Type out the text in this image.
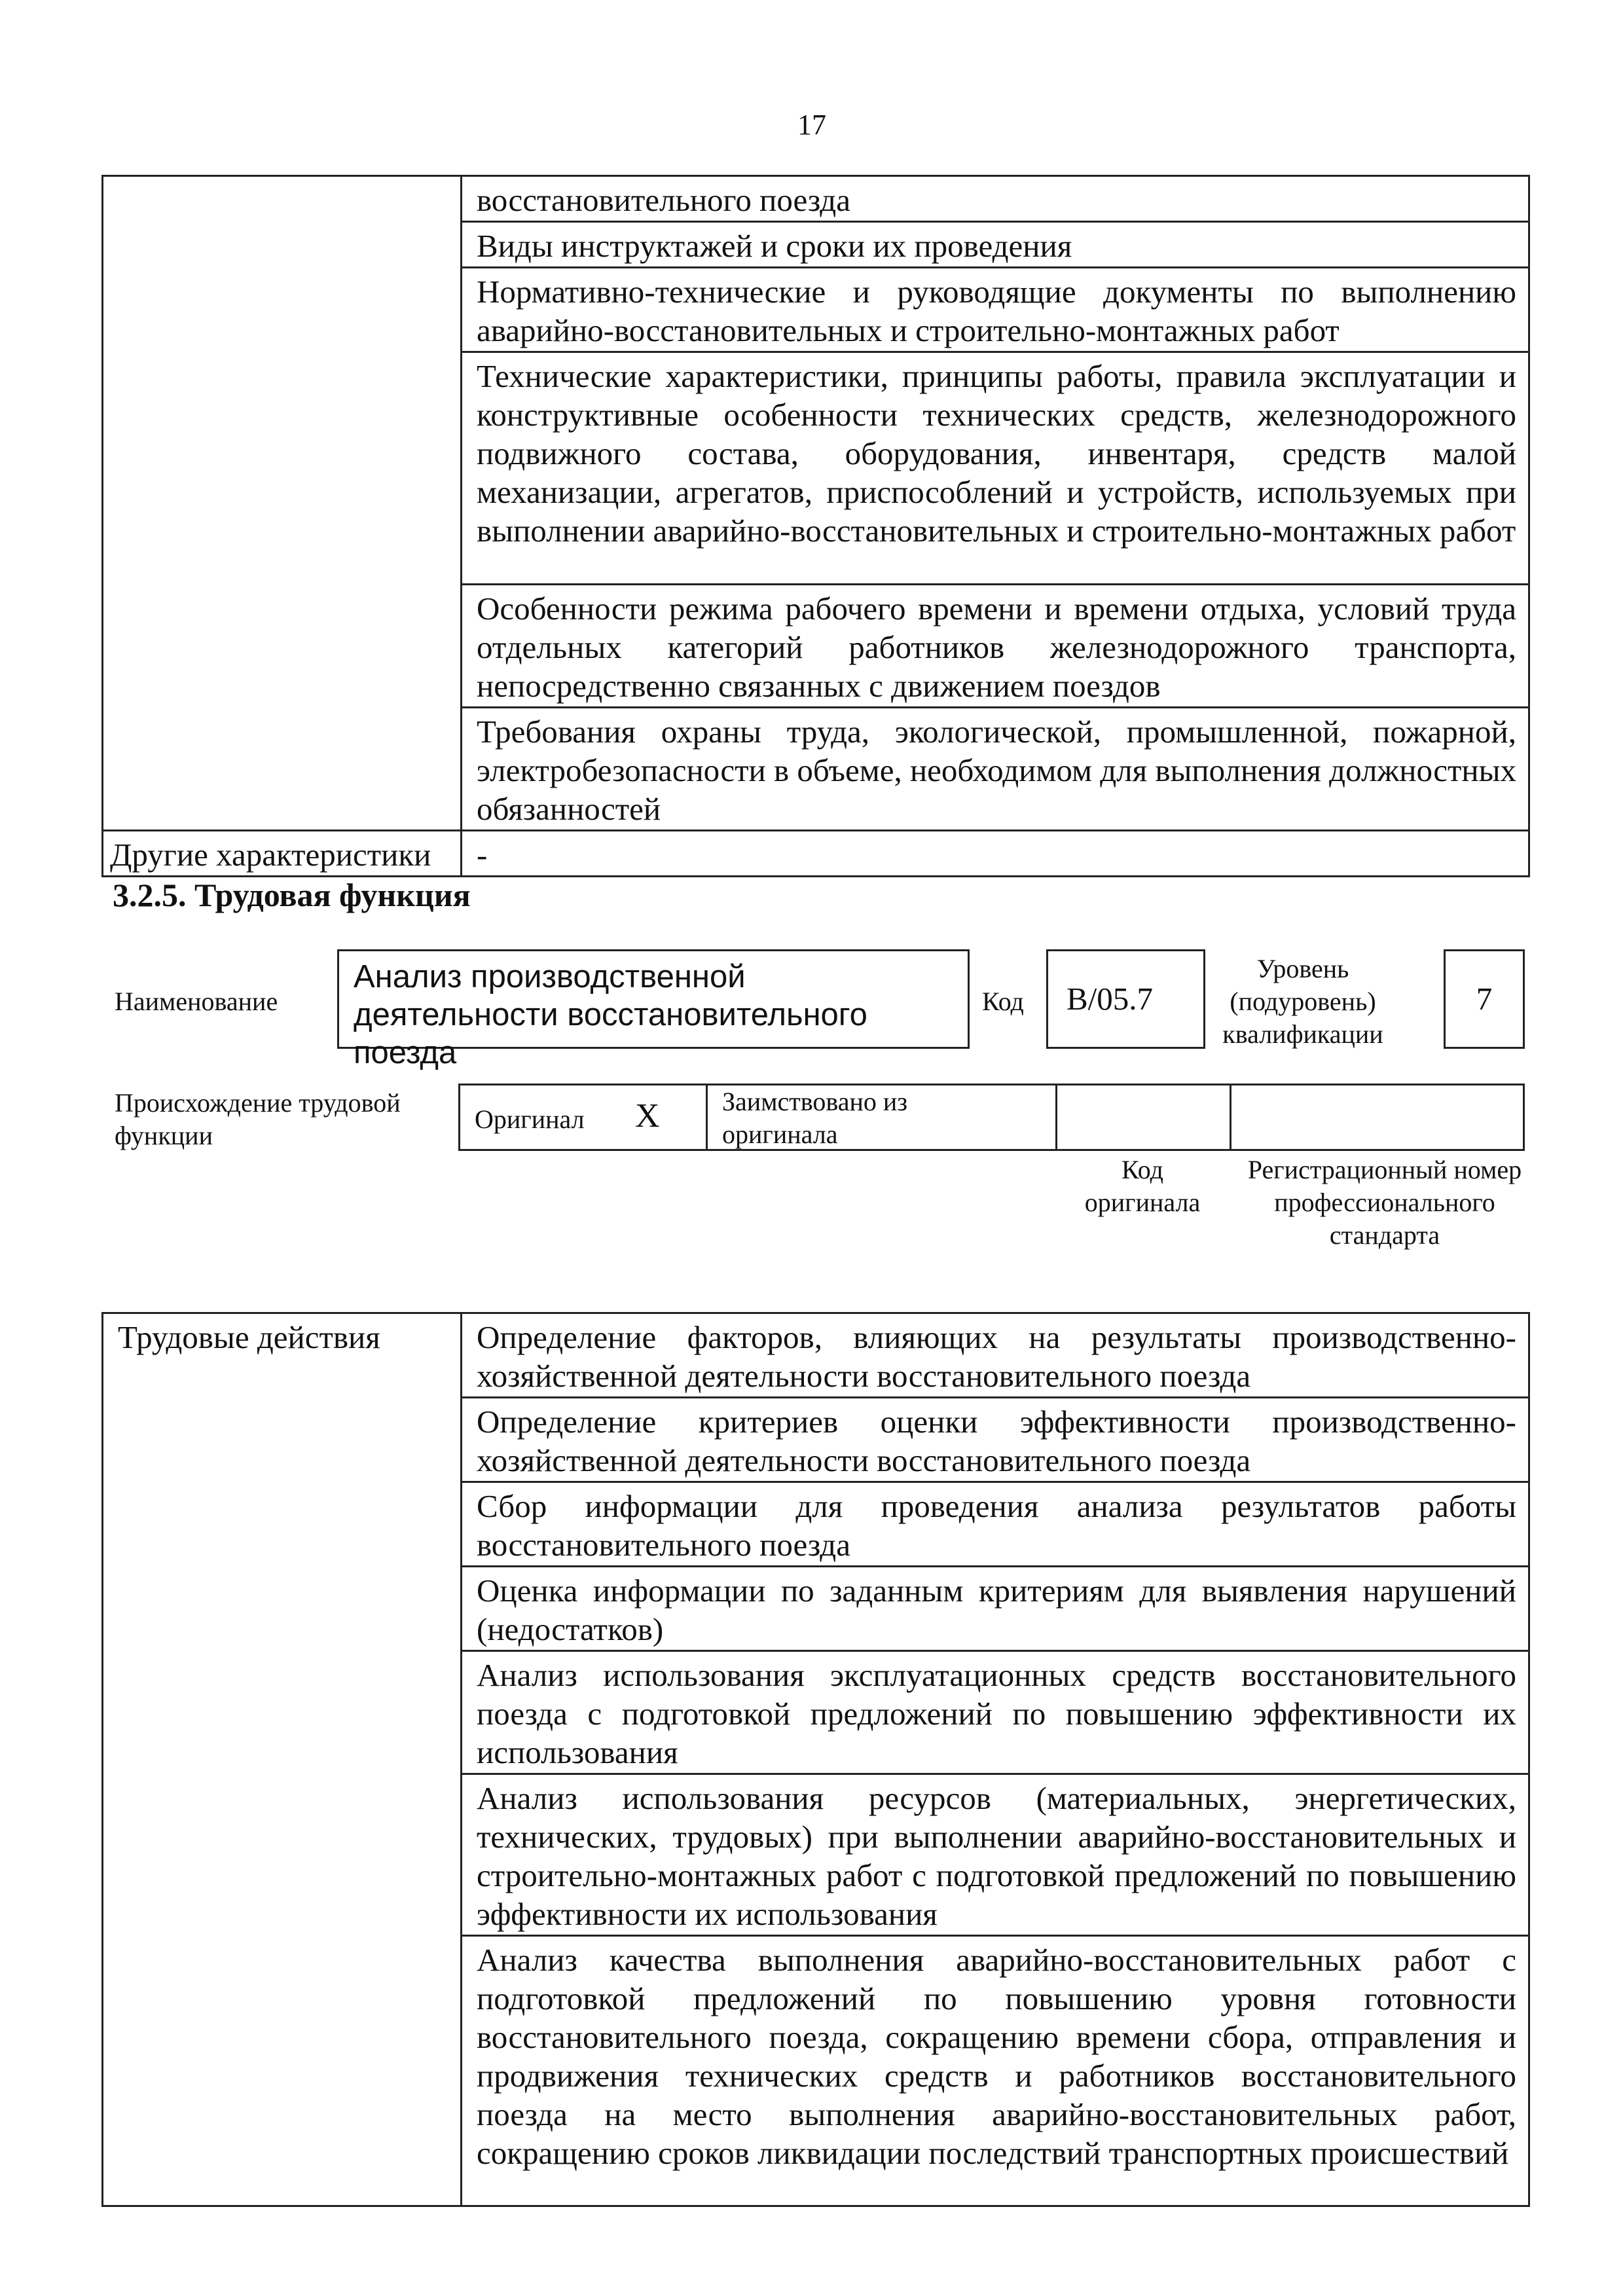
17

	восстановительного поезда

	Виды инструктажей и сроки их проведения

	Нормативно-технические и руководящие документы по выполнению аварийно-восстановительных и строительно-монтажных работ

	Технические характеристики, принципы работы, правила эксплуатации и конструктивные особенности технических средств, железнодорожного подвижного состава, оборудования, инвентаря, средств малой механизации, агрегатов, приспособлений и устройств, используемых при выполнении аварийно-восстановительных и строительно-монтажных работ

	Особенности режима рабочего времени и времени отдыха, условий труда отдельных категорий работников железнодорожного транспорта, непосредственно связанных с движением поездов

	Требования охраны труда, экологической, промышленной, пожарной, электробезопасности в объеме, необходимом для выполнения должностных обязанностей

Другие характеристики	-
3.2.5. Трудовая функция
Наименование
Анализ производственной деятельности восстановительного поезда
Код	B/05.7
Уровень (подуровень) квалификации
7
Происхождение трудовой функции
Оригинал X Заимствовано из оригинала
Код оригинала
Регистрационный номер профессионального стандарта
Трудовые действия	Определение факторов, влияющих на результаты производственно-хозяйственной деятельности восстановительного поезда

Определение критериев оценки эффективности производственно-хозяйственной деятельности восстановительного поезда

Сбор информации для проведения анализа результатов работы восстановительного поезда

Оценка информации по заданным критериям для выявления нарушений (недостатков)

Анализ использования эксплуатационных средств восстановительного поезда с подготовкой предложений по повышению эффективности их использования

Анализ использования ресурсов (материальных, энергетических, технических, трудовых) при выполнении аварийно-восстановительных и строительно-монтажных работ с подготовкой предложений по повышению эффективности их использования

Анализ качества выполнения аварийно-восстановительных работ с подготовкой предложений по повышению уровня готовности восстановительного поезда, сокращению времени сбора, отправления и продвижения технических средств и работников восстановительного поезда на место выполнения аварийно-восстановительных работ, сокращению сроков ликвидации последствий транспортных происшествий
